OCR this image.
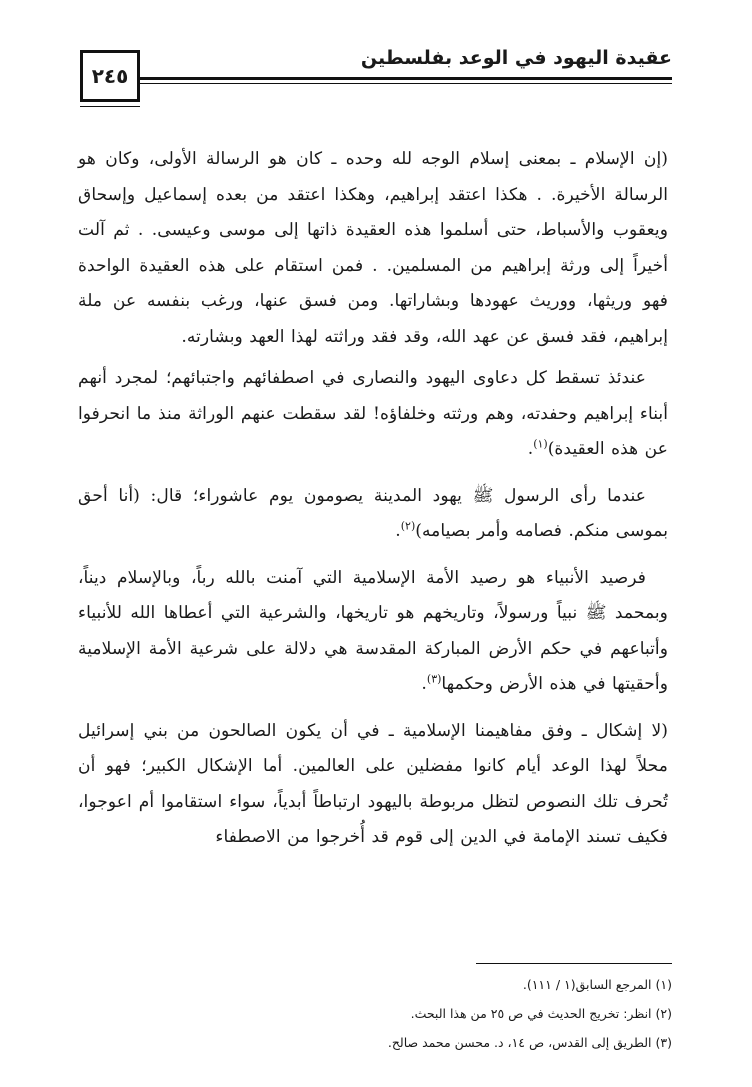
عقيدة اليهود في الوعد بفلسطين
٢٤٥

(إن الإسلام ـ بمعنى إسلام الوجه لله وحده ـ كان هو الرسالة الأولى، وكان هو الرسالة الأخيرة. . هكذا اعتقد إبراهيم، وهكذا اعتقد من بعده إسماعيل وإسحاق ويعقوب والأسباط، حتى أسلموا هذه العقيدة ذاتها إلى موسى وعيسى. . ثم آلت أخيراً إلى ورثة إبراهيم من المسلمين. . فمن استقام على هذه العقيدة الواحدة فهو وريثها، ووريث عهودها وبشاراتها. ومن فسق عنها، ورغب بنفسه عن ملة إبراهيم، فقد فسق عن عهد الله، وقد فقد وراثته لهذا العهد وبشارته.

عندئذ تسقط كل دعاوى اليهود والنصارى في اصطفائهم واجتبائهم؛ لمجرد أنهم أبناء إبراهيم وحفدته، وهم ورثته وخلفاؤه! لقد سقطت عنهم الوراثة منذ ما انحرفوا عن هذه العقيدة)$^{(١)}$.

عندما رأى الرسول ﷺ يهود المدينة يصومون يوم عاشوراء؛ قال: (أنا أحق بموسى منكم. فصامه وأمر بصيامه)$^{(٢)}$.

فرصيد الأنبياء هو رصيد الأمة الإسلامية التي آمنت بالله رباً، وبالإسلام ديناً، وبمحمد ﷺ نبياً ورسولاً، وتاريخهم هو تاريخها، والشرعية التي أعطاها الله للأنبياء وأتباعهم في حكم الأرض المباركة المقدسة هي دلالة على شرعية الأمة الإسلامية وأحقيتها في هذه الأرض وحكمها$^{(٣)}$.

(لا إشكال ـ وفق مفاهيمنا الإسلامية ـ في أن يكون الصالحون من بني إسرائيل محلاً لهذا الوعد أيام كانوا مفضلين على العالمين. أما الإشكال الكبير؛ فهو أن تُحرف تلك النصوص لتظل مربوطة باليهود ارتباطاً أبدياً، سواء استقاموا أم اعوجوا، فكيف تسند الإمامة في الدين إلى قوم قد أُخرجوا من الاصطفاء

(١) المرجع السابق(١ / ١١١).

(٢) انظر: تخريج الحديث في ص ٢٥ من هذا البحث.

(٣) الطريق إلى القدس، ص ١٤، د. محسن محمد صالح.
